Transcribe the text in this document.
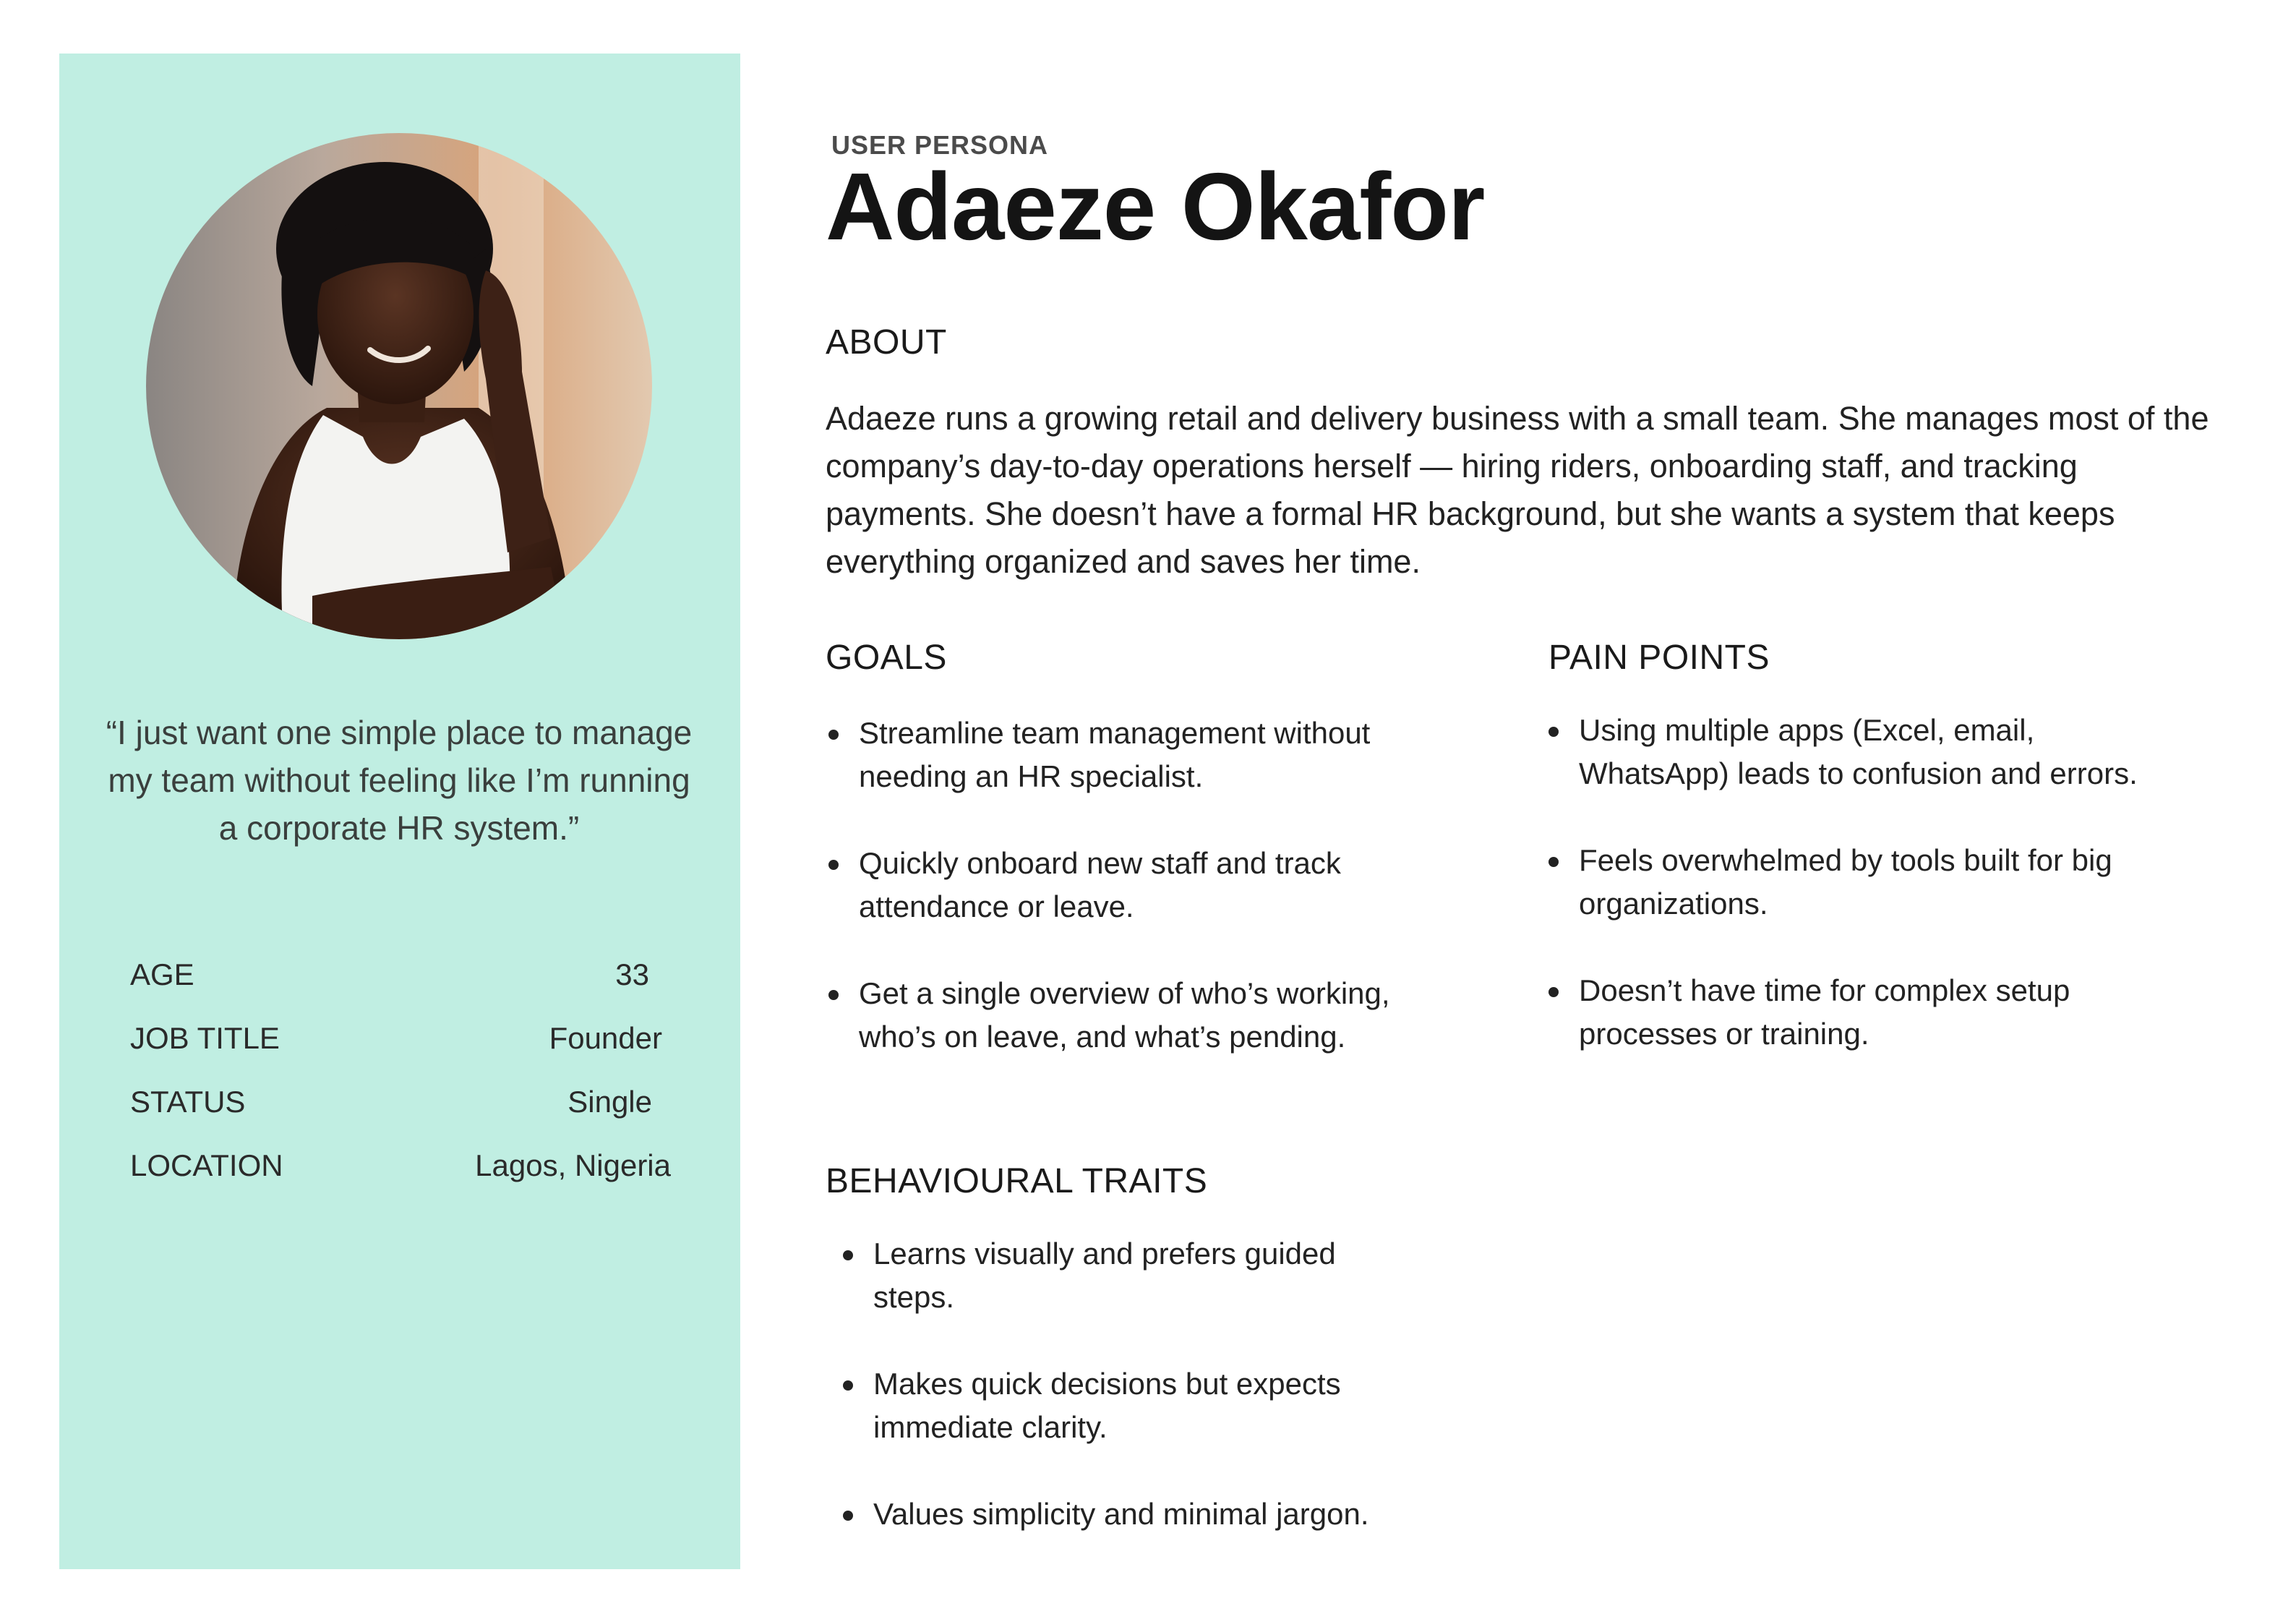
“I just want one simple place to manage my team without feeling like I’m running a corporate HR system.”
AGE	33
JOB TITLE	Founder
STATUS	Single
LOCATION	Lagos, Nigeria
USER PERSONA
Adaeze Okafor
ABOUT
Adaeze runs a growing retail and delivery business with a small team. She manages most of the company’s day-to-day operations herself — hiring riders, onboarding staff, and tracking payments. She doesn’t have a formal HR background, but she wants a system that keeps everything organized and saves her time.
GOALS
Streamline team management without needing an HR specialist.
Quickly onboard new staff and track attendance or leave.
Get a single overview of who’s working, who’s on leave, and what’s pending.
PAIN POINTS
Using multiple apps (Excel, email, WhatsApp) leads to confusion and errors.
Feels overwhelmed by tools built for big organizations.
Doesn’t have time for complex setup processes or training.
BEHAVIOURAL TRAITS
Learns visually and prefers guided steps.
Makes quick decisions but expects immediate clarity.
Values simplicity and minimal jargon.
